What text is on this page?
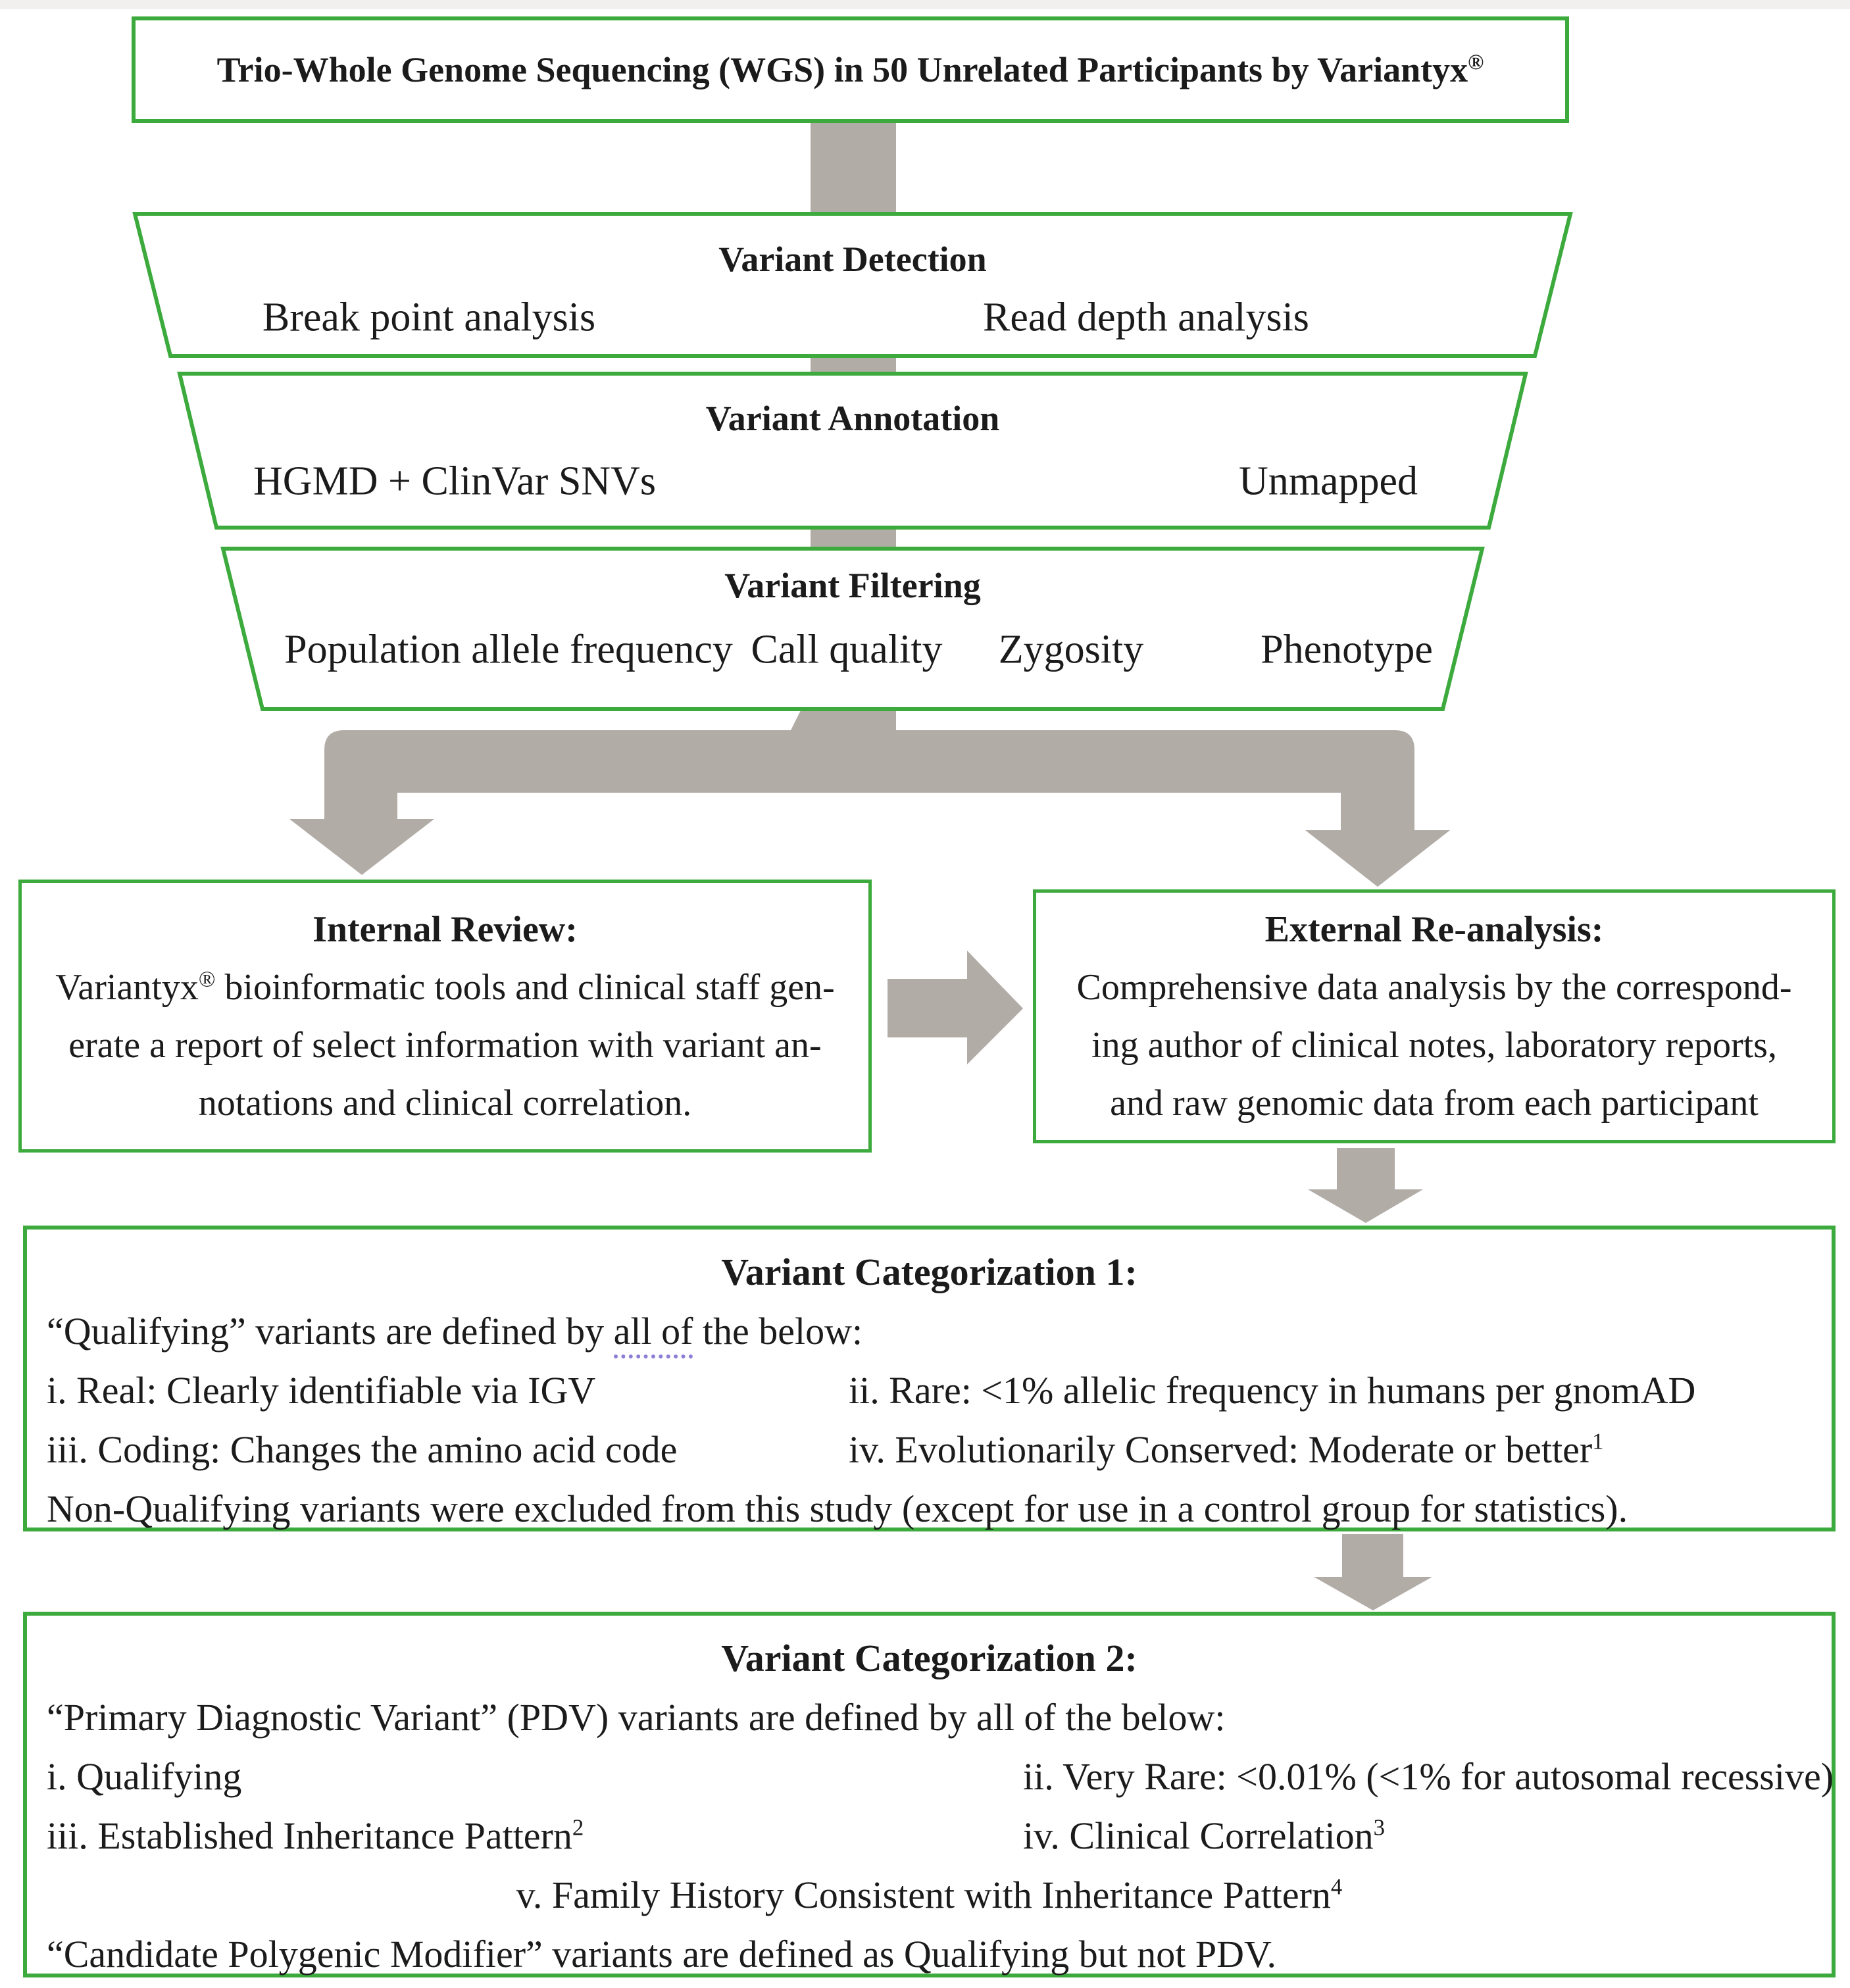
Trio-Whole Genome Sequencing (WGS) in 50 Unrelated Participants by Variantyx®
Variant Detection
Break point analysis	Read depth analysis
Variant Annotation
HGMD + ClinVar SNVs	Unmapped
Variant Filtering
Population allele frequency Call quality Zygosity	Phenotype
Internal Review:
Variantyx® bioinformatic tools and clinical staff gen-
erate a report of select information with variant an-
notations and clinical correlation.
External Re-analysis:
Comprehensive data analysis by the correspond-
ing author of clinical notes, laboratory reports,
and raw genomic data from each participant
Variant Categorization 1:
“Qualifying” variants are defined by all of the below:
i. Real: Clearly identifiable via IGV	ii. Rare: <1% allelic frequency in humans per gnomAD
iii. Coding: Changes the amino acid code	iv. Evolutionarily Conserved: Moderate or better$^1$
Non-Qualifying variants were excluded from this study (except for use in a control group for statistics).
Variant Categorization 2:
“Primary Diagnostic Variant” (PDV) variants are defined by all of the below:
i. Qualifying	ii. Very Rare: <0.01% (<1% for autosomal recessive)
iii. Established Inheritance Pattern$^2$	iv. Clinical Correlation$^3$
v. Family History Consistent with Inheritance Pattern$^4$
“Candidate Polygenic Modifier” variants are defined as Qualifying but not PDV.
